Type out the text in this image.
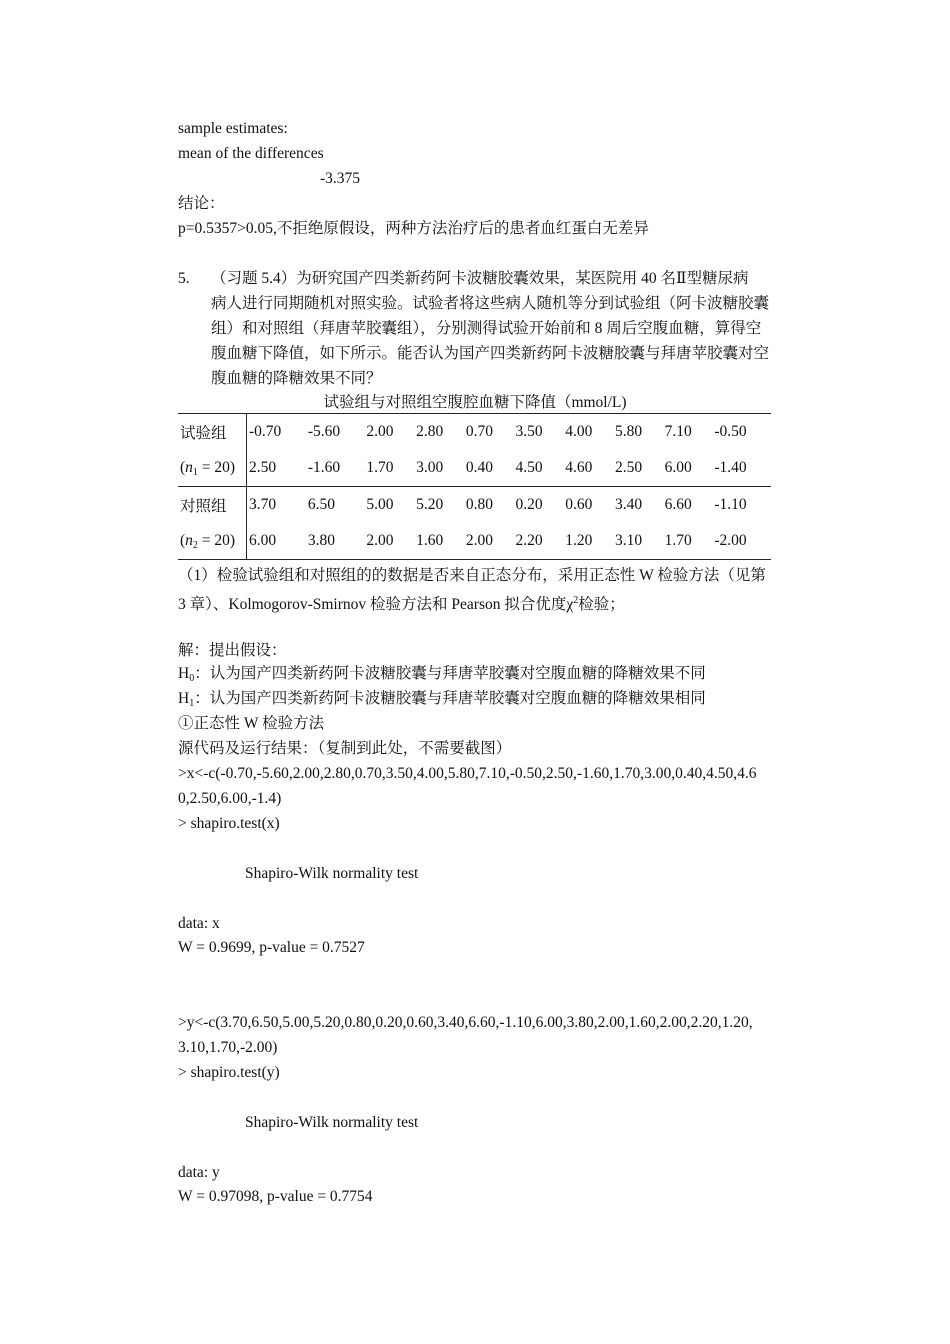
sample estimates:
mean of the differences
-3.375
结论：
p=0.5357>0.05,不拒绝原假设，两种方法治疗后的患者血红蛋白无差异
5. （习题 5.4）为研究国产四类新药阿卡波糖胶囊效果，某医院用 40 名Ⅱ型糖尿病
病人进行同期随机对照实验。试验者将这些病人随机等分到试验组（阿卡波糖胶囊
组）和对照组（拜唐苹胶囊组），分别测得试验开始前和 8 周后空腹血糖，算得空
腹血糖下降值，如下所示。能否认为国产四类新药阿卡波糖胶囊与拜唐苹胶囊对空
腹血糖的降糖效果不同？
试验组与对照组空腹腔血糖下降值（mmol/L)
试验组	-0.70	-5.60	2.00	2.80	0.70	3.50	4.00	5.80	7.10	-0.50
$(n_1 = 20)$	2.50	-1.60	1.70	3.00	0.40	4.50	4.60	2.50	6.00	-1.40
对照组	3.70	6.50	5.00	5.20	0.80	0.20	0.60	3.40	6.60	-1.10
$(n_2 = 20)$	6.00	3.80	2.00	1.60	2.00	2.20	1.20	3.10	1.70	-2.00
（1）检验试验组和对照组的的数据是否来自正态分布，采用正态性 W 检验方法（见第
3 章）、Kolmogorov-Smirnov 检验方法和 Pearson 拟合优度$\chi^2$检验；
解：提出假设：
$H_0$：认为国产四类新药阿卡波糖胶囊与拜唐苹胶囊对空腹血糖的降糖效果不同
$H_1$：认为国产四类新药阿卡波糖胶囊与拜唐苹胶囊对空腹血糖的降糖效果相同
①正态性 W 检验方法
源代码及运行结果：（复制到此处，不需要截图）
>x<-c(-0.70,-5.60,2.00,2.80,0.70,3.50,4.00,5.80,7.10,-0.50,2.50,-1.60,1.70,3.00,0.40,4.50,4.6
0,2.50,6.00,-1.4)
> shapiro.test(x)
Shapiro-Wilk normality test
data: x
W = 0.9699, p-value = 0.7527
>y<-c(3.70,6.50,5.00,5.20,0.80,0.20,0.60,3.40,6.60,-1.10,6.00,3.80,2.00,1.60,2.00,2.20,1.20,
3.10,1.70,-2.00)
> shapiro.test(y)
Shapiro-Wilk normality test
data: y
W = 0.97098, p-value = 0.7754
